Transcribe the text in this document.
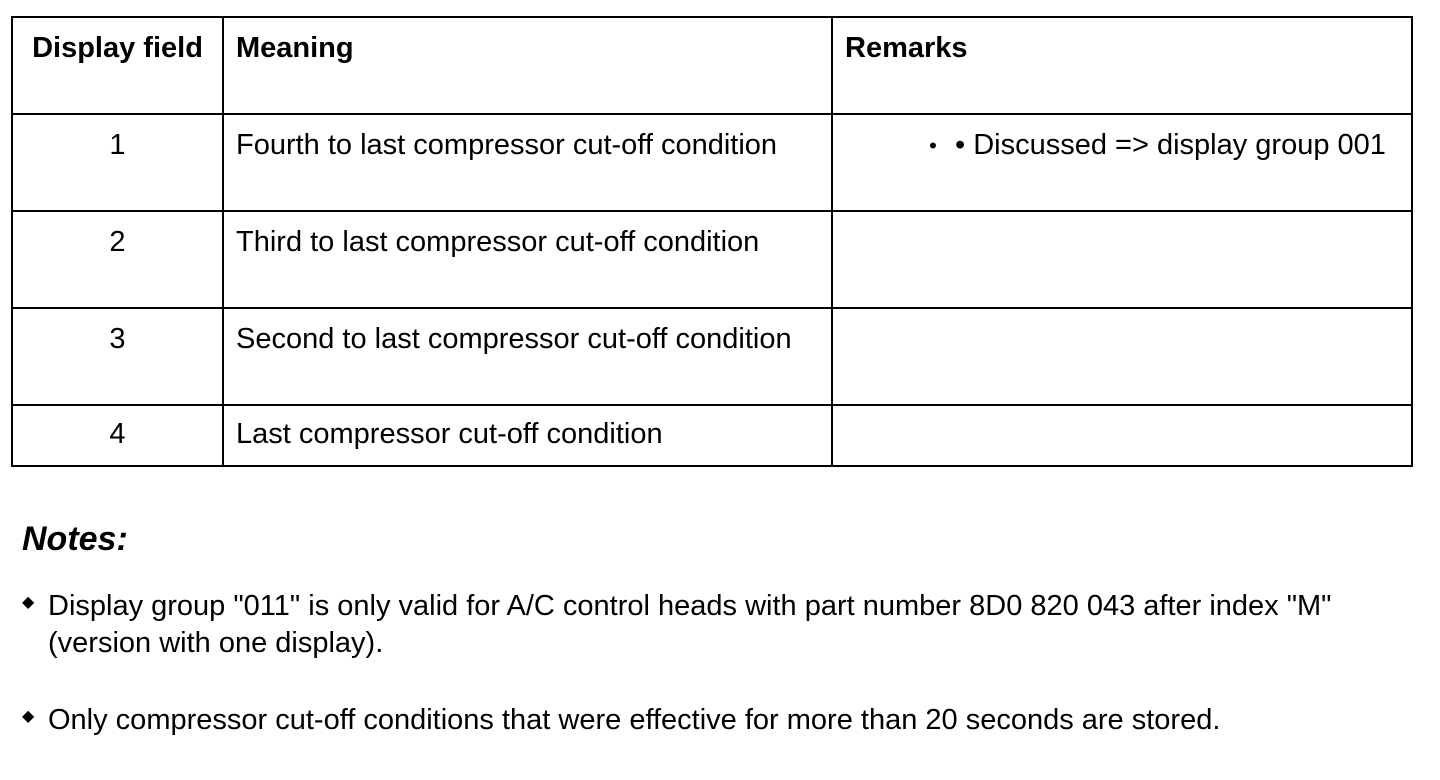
Display field	Meaning	Remarks
1	Fourth to last compressor cut-off condition	• • Discussed => display group 001

2	Third to last compressor cut-off condition	
3	Second to last compressor cut-off condition	
4	Last compressor cut-off condition	
Notes:
◆ Display group "011" is only valid for A/C control heads with part number 8D0 820 043 after index "M" (version with one display).
◆ Only compressor cut-off conditions that were effective for more than 20 seconds are stored.
